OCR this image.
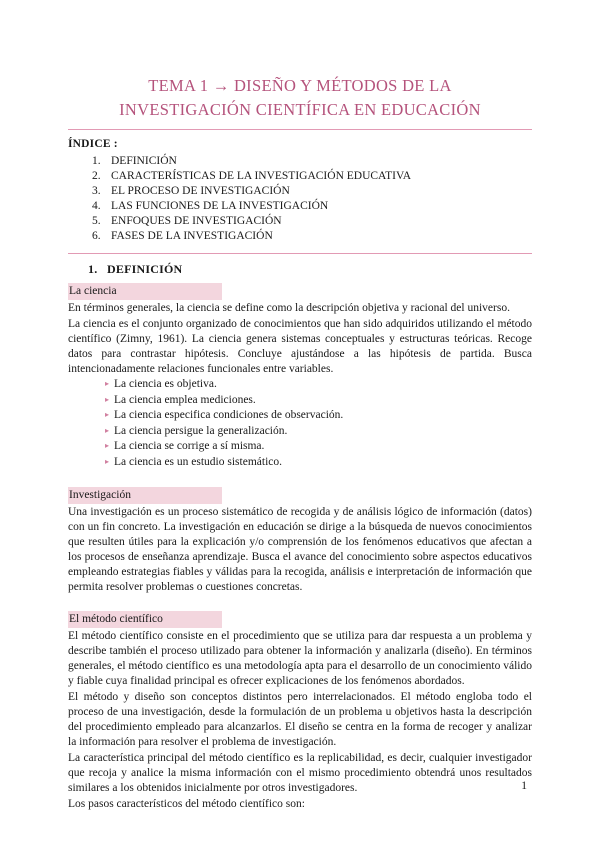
TEMA 1 → DISEÑO Y MÉTODOS DE LA INVESTIGACIÓN CIENTÍFICA EN EDUCACIÓN
ÍNDICE :
1. DEFINICIÓN
2. CARACTERÍSTICAS DE LA INVESTIGACIÓN EDUCATIVA
3. EL PROCESO DE INVESTIGACIÓN
4. LAS FUNCIONES DE LA INVESTIGACIÓN
5. ENFOQUES DE INVESTIGACIÓN
6. FASES DE LA INVESTIGACIÓN
1. DEFINICIÓN
La ciencia

En términos generales, la ciencia se define como la descripción objetiva y racional del universo.

La ciencia es el conjunto organizado de conocimientos que han sido adquiridos utilizando el método científico (Zimny, 1961). La ciencia genera sistemas conceptuales y estructuras teóricas. Recoge datos para contrastar hipótesis. Concluye ajustándose a las hipótesis de partida. Busca intencionadamente relaciones funcionales entre variables.

▸ La ciencia es objetiva.
▸ La ciencia emplea mediciones.
▸ La ciencia especifica condiciones de observación.
▸ La ciencia persigue la generalización.
▸ La ciencia se corrige a sí misma.
▸ La ciencia es un estudio sistemático.
Investigación

Una investigación es un proceso sistemático de recogida y de análisis lógico de información (datos) con un fin concreto. La investigación en educación se dirige a la búsqueda de nuevos conocimientos que resulten útiles para la explicación y/o comprensión de los fenómenos educativos que afectan a los procesos de enseñanza aprendizaje. Busca el avance del conocimiento sobre aspectos educativos empleando estrategias fiables y válidas para la recogida, análisis e interpretación de información que permita resolver problemas o cuestiones concretas.

El método científico

El método científico consiste en el procedimiento que se utiliza para dar respuesta a un problema y describe también el proceso utilizado para obtener la información y analizarla (diseño). En términos generales, el método científico es una metodología apta para el desarrollo de un conocimiento válido y fiable cuya finalidad principal es ofrecer explicaciones de los fenómenos abordados.

El método y diseño son conceptos distintos pero interrelacionados. El método engloba todo el proceso de una investigación, desde la formulación de un problema u objetivos hasta la descripción del procedimiento empleado para alcanzarlos. El diseño se centra en la forma de recoger y analizar la información para resolver el problema de investigación.

La característica principal del método científico es la replicabilidad, es decir, cualquier investigador que recoja y analice la misma información con el mismo procedimiento obtendrá unos resultados similares a los obtenidos inicialmente por otros investigadores.

Los pasos característicos del método científico son:

1
